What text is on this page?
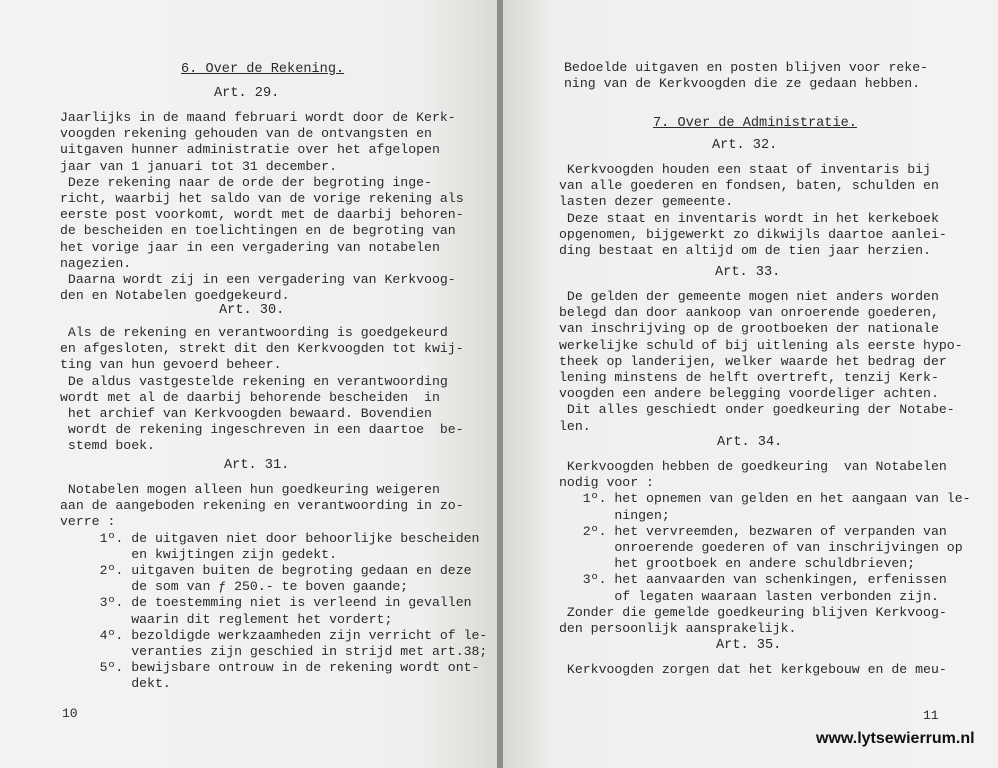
6. Over de Rekening.
Art. 29.
Jaarlijks in de maand februari wordt door de Kerk-
voogden rekening gehouden van de ontvangsten en
uitgaven hunner administratie over het afgelopen
jaar van 1 januari tot 31 december.
Deze rekening naar de orde der begroting inge-
richt, waarbij het saldo van de vorige rekening als
eerste post voorkomt, wordt met de daarbij behoren-
de bescheiden en toelichtingen en de begroting van
het vorige jaar in een vergadering van notabelen
nagezien.
Daarna wordt zij in een vergadering van Kerkvoog-
den en Notabelen goedgekeurd.
Art. 30.
Als de rekening en verantwoording is goedgekeurd
en afgesloten, strekt dit den Kerkvoogden tot kwij-
ting van hun gevoerd beheer.
De aldus vastgestelde rekening en verantwoording
wordt met al de daarbij behorende bescheiden  in
het archief van Kerkvoogden bewaard. Bovendien
wordt de rekening ingeschreven in een daartoe  be-
stemd boek.
Art. 31.
Notabelen mogen alleen hun goedkeuring weigeren
aan de aangeboden rekening en verantwoording in zo-
verre :
1º. de uitgaven niet door behoorlijke bescheiden
en kwijtingen zijn gedekt.
2º. uitgaven buiten de begroting gedaan en deze
de som van ƒ 250.- te boven gaande;
3º. de toestemming niet is verleend in gevallen
waarin dit reglement het vordert;
4º. bezoldigde werkzaamheden zijn verricht of le-
veranties zijn geschied in strijd met art.38;
5º. bewijsbare ontrouw in de rekening wordt ont-
dekt.
10
Bedoelde uitgaven en posten blijven voor reke-
ning van de Kerkvoogden die ze gedaan hebben.
7. Over de Administratie.
Art. 32.
Kerkvoogden houden een staat of inventaris bij
van alle goederen en fondsen, baten, schulden en
lasten dezer gemeente.
Deze staat en inventaris wordt in het kerkeboek
opgenomen, bijgewerkt zo dikwijls daartoe aanlei-
ding bestaat en altijd om de tien jaar herzien.
Art. 33.
De gelden der gemeente mogen niet anders worden
belegd dan door aankoop van onroerende goederen,
van inschrijving op de grootboeken der nationale
werkelijke schuld of bij uitlening als eerste hypo-
theek op landerijen, welker waarde het bedrag der
lening minstens de helft overtreft, tenzij Kerk-
voogden een andere belegging voordeliger achten.
Dit alles geschiedt onder goedkeuring der Notabe-
len.
Art. 34.
Kerkvoogden hebben de goedkeuring  van Notabelen
nodig voor :
1º. het opnemen van gelden en het aangaan van le-
ningen;
2º. het vervreemden, bezwaren of verpanden van
onroerende goederen of van inschrijvingen op
het grootboek en andere schuldbrieven;
3º. het aanvaarden van schenkingen, erfenissen
of legaten waaraan lasten verbonden zijn.
Zonder die gemelde goedkeuring blijven Kerkvoog-
den persoonlijk aansprakelijk.
Art. 35.
Kerkvoogden zorgen dat het kerkgebouw en de meu-
11
www.lytsewierrum.nl
